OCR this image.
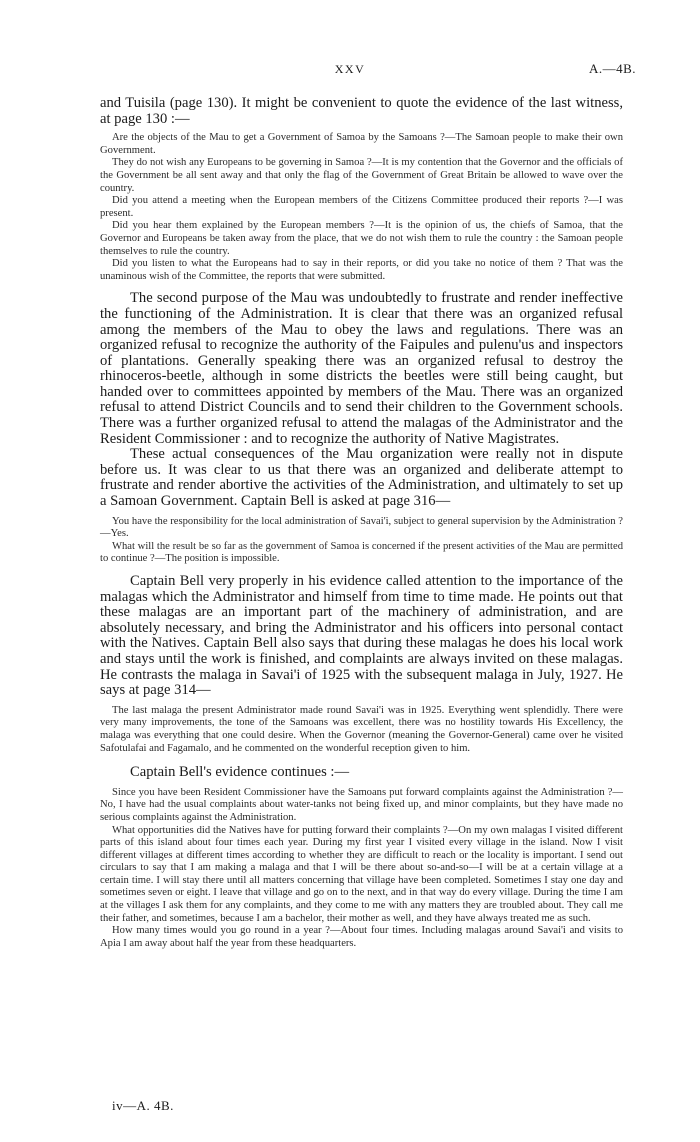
XXV	A.—4B.

and Tuisila (page 130). It might be convenient to quote the evidence of the last witness, at page 130 :—

Are the objects of the Mau to get a Government of Samoa by the Samoans ?—The Samoan people to make their own Government.

They do not wish any Europeans to be governing in Samoa ?—It is my contention that the Governor and the officials of the Government be all sent away and that only the flag of the Government of Great Britain be allowed to wave over the country.

Did you attend a meeting when the European members of the Citizens Committee produced their reports ?—I was present.

Did you hear them explained by the European members ?—It is the opinion of us, the chiefs of Samoa, that the Governor and Europeans be taken away from the place, that we do not wish them to rule the country : the Samoan people themselves to rule the country.

Did you listen to what the Europeans had to say in their reports, or did you take no notice of them ? That was the unaminous wish of the Committee, the reports that were submitted.

The second purpose of the Mau was undoubtedly to frustrate and render ineffective the functioning of the Administration. It is clear that there was an organized refusal among the members of the Mau to obey the laws and regulations. There was an organized refusal to recognize the authority of the Faipules and pulenu'us and inspectors of plantations. Generally speaking there was an organized refusal to destroy the rhinoceros-beetle, although in some districts the beetles were still being caught, but handed over to committees appointed by members of the Mau. There was an organized refusal to attend District Councils and to send their children to the Government schools. There was a further organized refusal to attend the malagas of the Administrator and the Resident Commissioner : and to recognize the authority of Native Magistrates.

These actual consequences of the Mau organization were really not in dispute before us. It was clear to us that there was an organized and deliberate attempt to frustrate and render abortive the activities of the Administration, and ultimately to set up a Samoan Government. Captain Bell is asked at page 316—

You have the responsibility for the local administration of Savai'i, subject to general supervision by the Administration ?—Yes.

What will the result be so far as the government of Samoa is concerned if the present activities of the Mau are permitted to continue ?—The position is impossible.

Captain Bell very properly in his evidence called attention to the importance of the malagas which the Administrator and himself from time to time made. He points out that these malagas are an important part of the machinery of administration, and are absolutely necessary, and bring the Administrator and his officers into personal contact with the Natives. Captain Bell also says that during these malagas he does his local work and stays until the work is finished, and complaints are always invited on these malagas. He contrasts the malaga in Savai'i of 1925 with the subsequent malaga in July, 1927. He says at page 314—

The last malaga the present Administrator made round Savai'i was in 1925. Everything went splendidly. There were very many improvements, the tone of the Samoans was excellent, there was no hostility towards His Excellency, the malaga was everything that one could desire. When the Governor (meaning the Governor-General) came over he visited Safotulafai and Fagamalo, and he commented on the wonderful reception given to him.

Captain Bell's evidence continues :—

Since you have been Resident Commissioner have the Samoans put forward complaints against the Administration ?—No, I have had the usual complaints about water-tanks not being fixed up, and minor complaints, but they have made no serious complaints against the Administration.

What opportunities did the Natives have for putting forward their complaints ?—On my own malagas I visited different parts of this island about four times each year. During my first year I visited every village in the island. Now I visit different villages at different times according to whether they are difficult to reach or the locality is important. I send out circulars to say that I am making a malaga and that I will be there about so-and-so—I will be at a certain village at a certain time. I will stay there until all matters concerning that village have been completed. Sometimes I stay one day and sometimes seven or eight. I leave that village and go on to the next, and in that way do every village. During the time I am at the villages I ask them for any complaints, and they come to me with any matters they are troubled about. They call me their father, and sometimes, because I am a bachelor, their mother as well, and they have always treated me as such.

How many times would you go round in a year ?—About four times. Including malagas around Savai'i and visits to Apia I am away about half the year from these headquarters.

iv—A. 4B.
